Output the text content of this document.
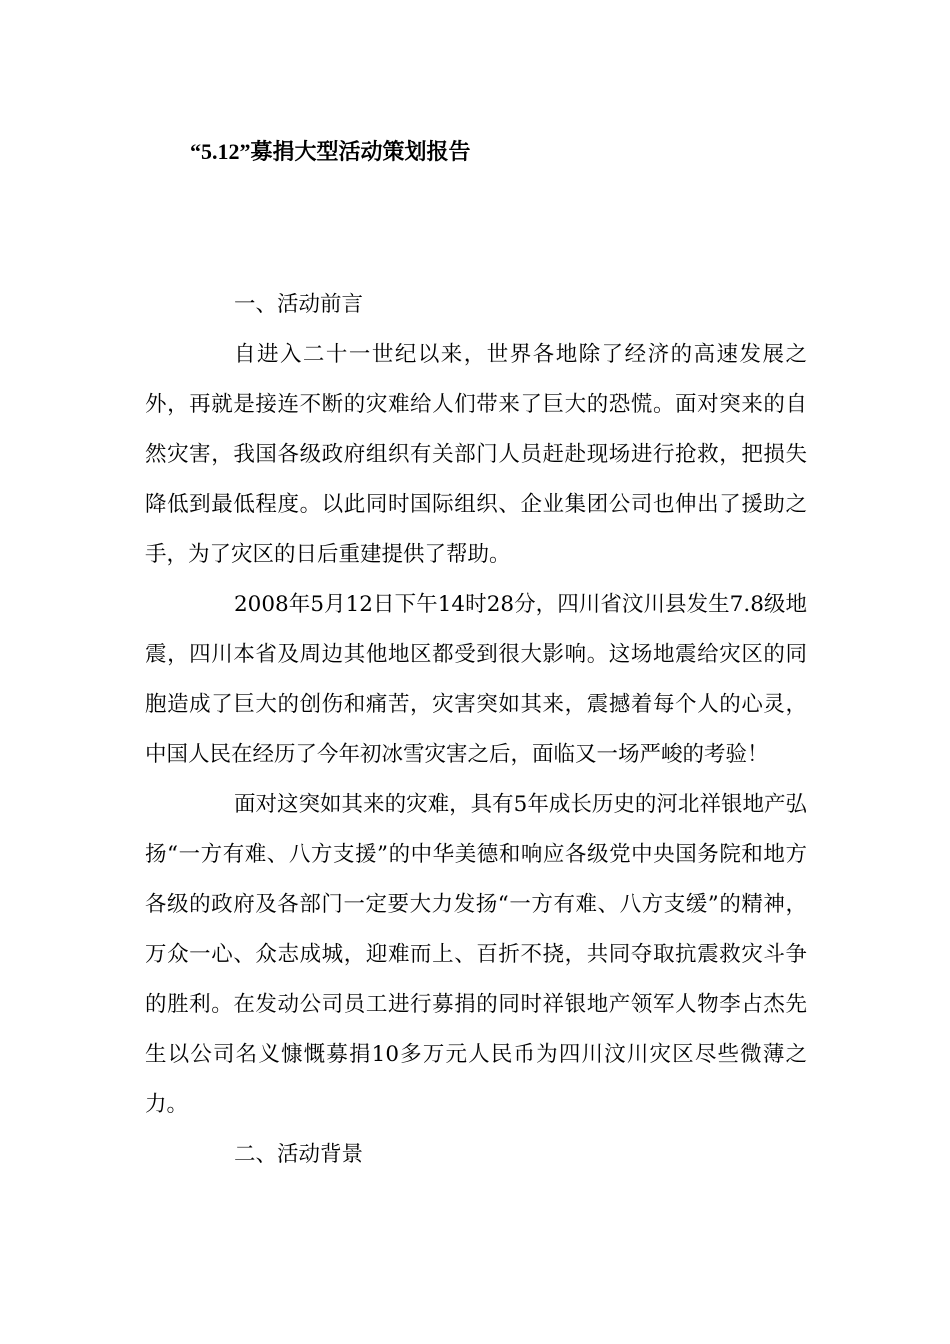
“5.12”募捐大型活动策划报告

一、活动前言

自进入二十一世纪以来，世界各地除了经济的高速发展之外，再就是接连不断的灾难给人们带来了巨大的恐慌。面对突来的自然灾害，我国各级政府组织有关部门人员赶赴现场进行抢救，把损失降低到最低程度。以此同时国际组织、企业集团公司也伸出了援助之手，为了灾区的日后重建提供了帮助。

2008年5月12日下午14时28分，四川省汶川县发生7.8级地震，四川本省及周边其他地区都受到很大影响。这场地震给灾区的同胞造成了巨大的创伤和痛苦，灾害突如其来，震撼着每个人的心灵，中国人民在经历了今年初冰雪灾害之后，面临又一场严峻的考验！

面对这突如其来的灾难，具有5年成长历史的河北祥银地产弘扬“一方有难、八方支援”的中华美德和响应各级党中央国务院和地方各级的政府及各部门一定要大力发扬“一方有难、八方支缓”的精神，万众一心、众志成城，迎难而上、百折不挠，共同夺取抗震救灾斗争的胜利。在发动公司员工进行募捐的同时祥银地产领军人物李占杰先生以公司名义慷慨募捐10多万元人民币为四川汶川灾区尽些微薄之力。

二、活动背景
